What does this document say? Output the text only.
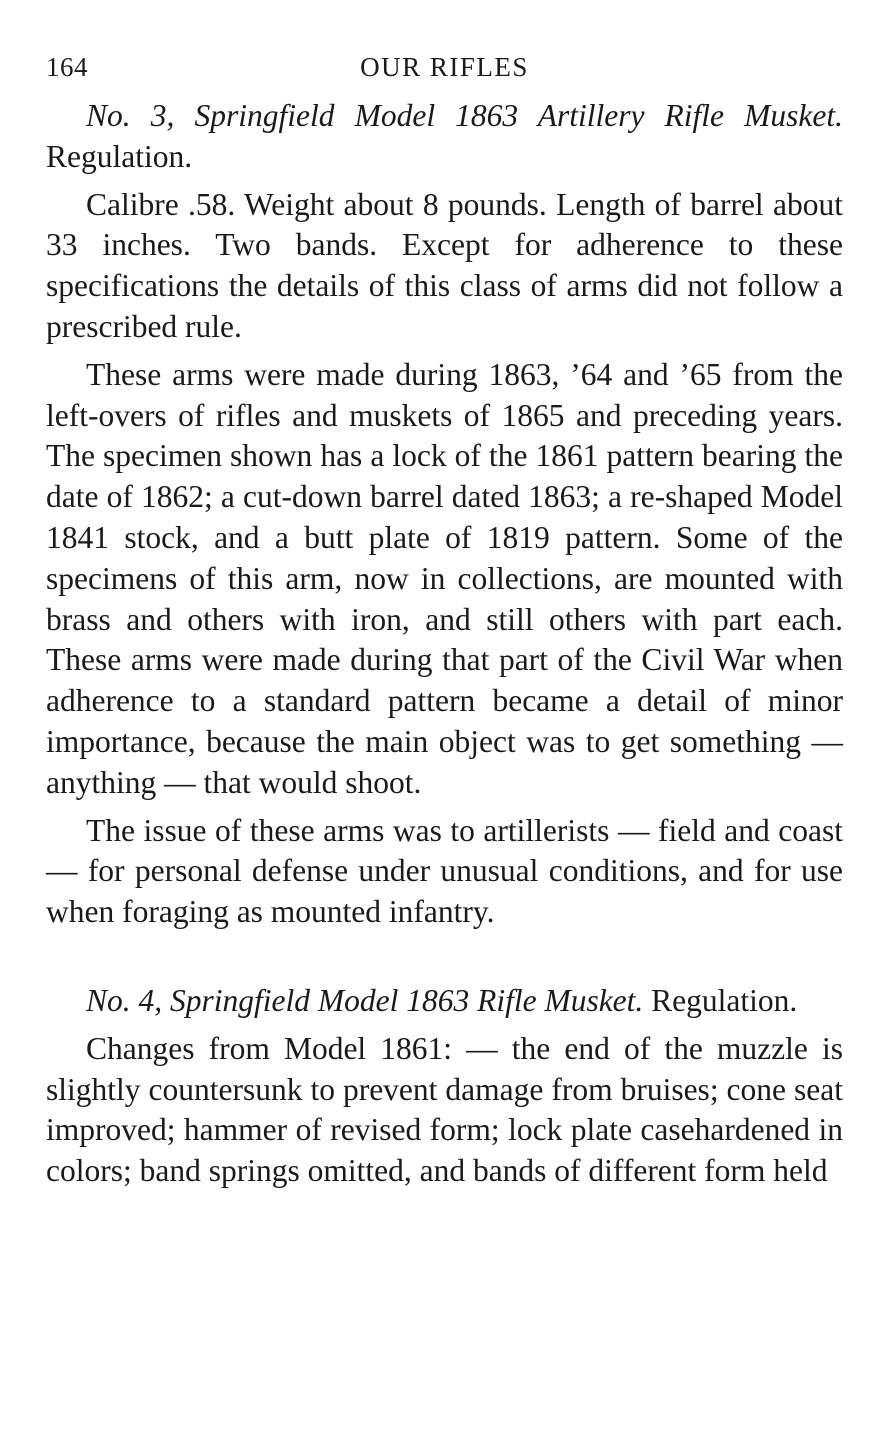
164	OUR RIFLES

No. 3, Springfield Model 1863 Artillery Rifle Musket. Regulation.

Calibre .58. Weight about 8 pounds. Length of barrel about 33 inches. Two bands. Except for adherence to these specifications the details of this class of arms did not follow a prescribed rule.

These arms were made during 1863, ’64 and ’65 from the left-overs of rifles and muskets of 1865 and preceding years. The specimen shown has a lock of the 1861 pattern bearing the date of 1862; a cut-down barrel dated 1863; a re-shaped Model 1841 stock, and a butt plate of 1819 pattern. Some of the specimens of this arm, now in collections, are mounted with brass and others with iron, and still others with part each. These arms were made during that part of the Civil War when adherence to a standard pattern became a detail of minor importance, because the main object was to get something — anything — that would shoot.

The issue of these arms was to artillerists — field and coast — for personal defense under unusual conditions, and for use when foraging as mounted infantry.

No. 4, Springfield Model 1863 Rifle Musket. Regulation.

Changes from Model 1861: — the end of the muzzle is slightly countersunk to prevent damage from bruises; cone seat improved; hammer of revised form; lock plate casehardened in colors; band springs omitted, and bands of different form held
